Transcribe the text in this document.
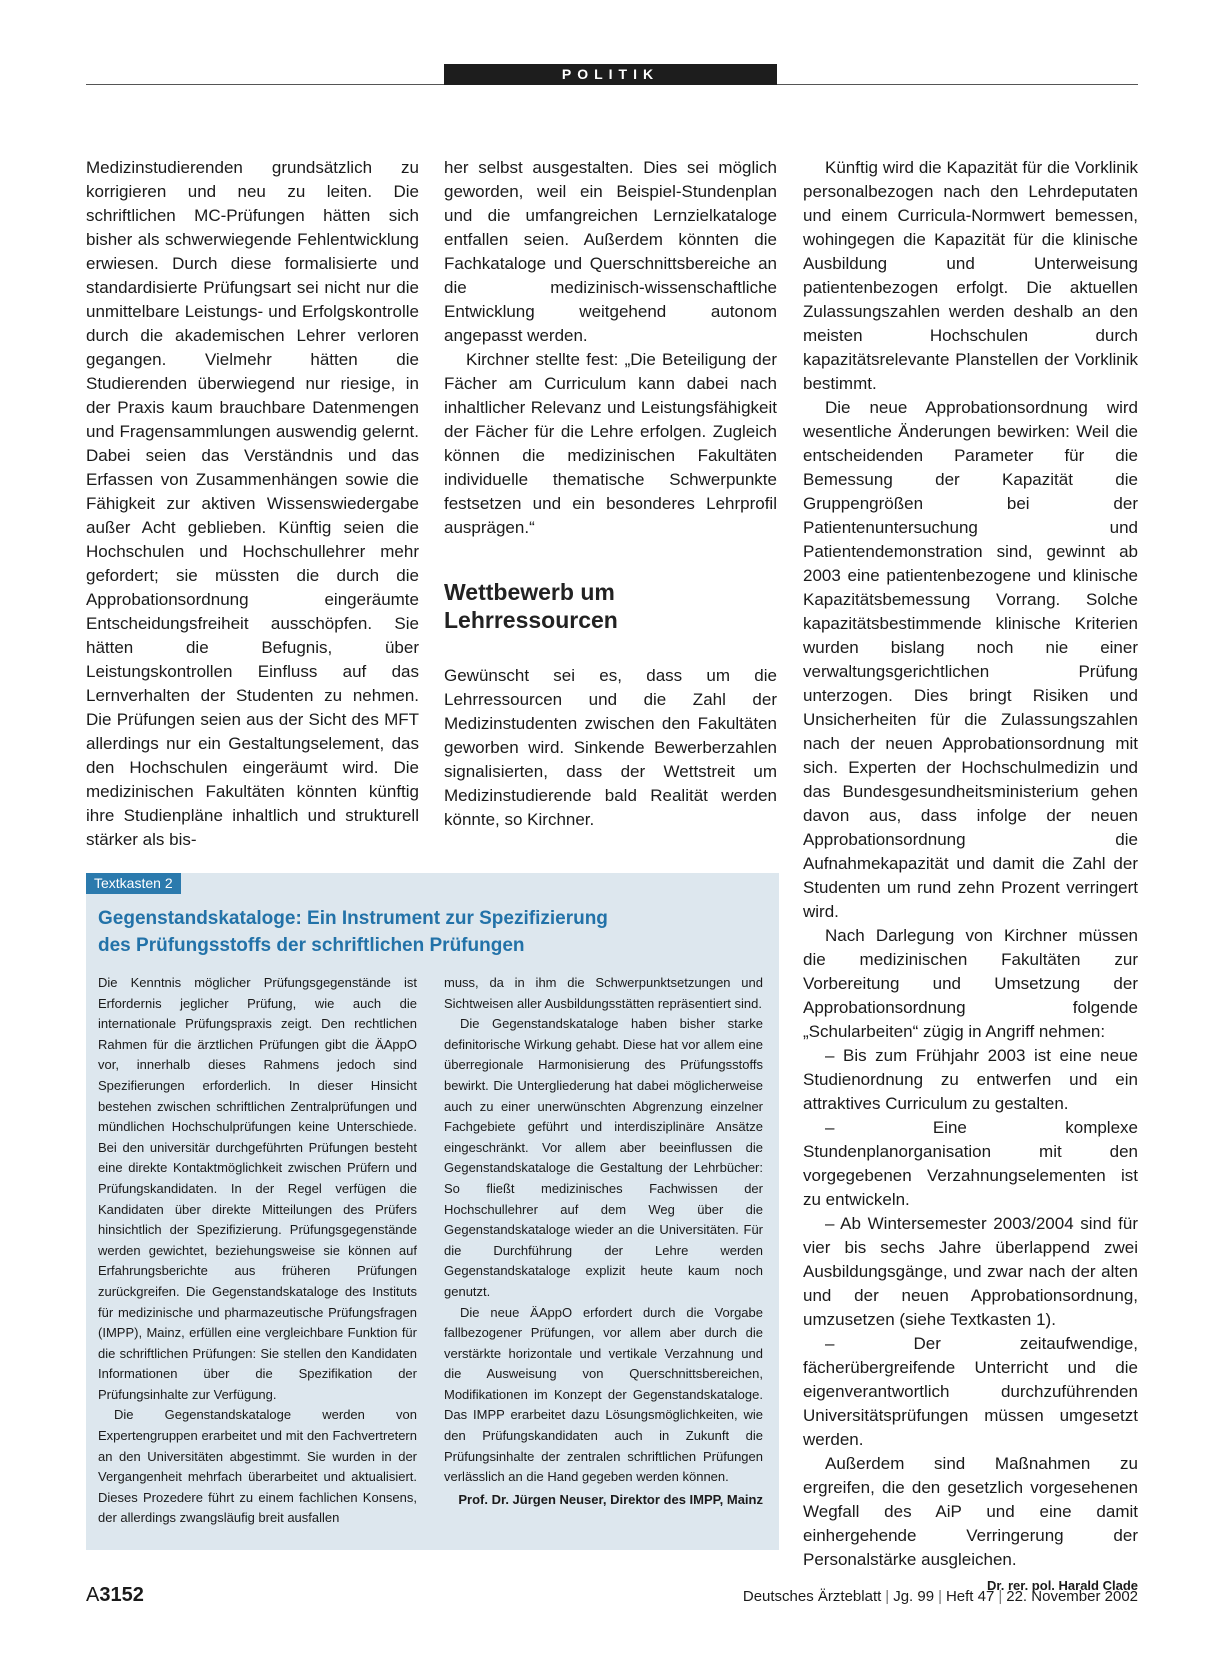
POLITIK

Medizinstudierenden grundsätzlich zu korrigieren und neu zu leiten. Die schriftlichen MC-Prüfungen hätten sich bisher als schwerwiegende Fehlentwicklung erwiesen. Durch diese formalisierte und standardisierte Prüfungsart sei nicht nur die unmittelbare Leistungs- und Erfolgskontrolle durch die akademischen Lehrer verloren gegangen. Vielmehr hätten die Studierenden überwiegend nur riesige, in der Praxis kaum brauchbare Datenmengen und Fragensammlungen auswendig gelernt. Dabei seien das Verständnis und das Erfassen von Zusammenhängen sowie die Fähigkeit zur aktiven Wissenswiedergabe außer Acht geblieben. Künftig seien die Hochschulen und Hochschullehrer mehr gefordert; sie müssten die durch die Approbationsordnung eingeräumte Entscheidungsfreiheit ausschöpfen. Sie hätten die Befugnis, über Leistungskontrollen Einfluss auf das Lernverhalten der Studenten zu nehmen. Die Prüfungen seien aus der Sicht des MFT allerdings nur ein Gestaltungselement, das den Hochschulen eingeräumt wird. Die medizinischen Fakultäten könnten künftig ihre Studienpläne inhaltlich und strukturell stärker als bis-

her selbst ausgestalten. Dies sei möglich geworden, weil ein Beispiel-Stundenplan und die umfangreichen Lernzielkataloge entfallen seien. Außerdem könnten die Fachkataloge und Querschnittsbereiche an die medizinisch-wissenschaftliche Entwicklung weitgehend autonom angepasst werden.

Kirchner stellte fest: „Die Beteiligung der Fächer am Curriculum kann dabei nach inhaltlicher Relevanz und Leistungsfähigkeit der Fächer für die Lehre erfolgen. Zugleich können die medizinischen Fakultäten individuelle thematische Schwerpunkte festsetzen und ein besonderes Lehrprofil ausprägen.“

Wettbewerb um Lehrressourcen

Gewünscht sei es, dass um die Lehrressourcen und die Zahl der Medizinstudenten zwischen den Fakultäten geworben wird. Sinkende Bewerberzahlen signalisierten, dass der Wettstreit um Medizinstudierende bald Realität werden könnte, so Kirchner.

Künftig wird die Kapazität für die Vorklinik personalbezogen nach den Lehrdeputaten und einem Curricula-Normwert bemessen, wohingegen die Kapazität für die klinische Ausbildung und Unterweisung patientenbezogen erfolgt. Die aktuellen Zulassungszahlen werden deshalb an den meisten Hochschulen durch kapazitätsrelevante Planstellen der Vorklinik bestimmt.

Die neue Approbationsordnung wird wesentliche Änderungen bewirken: Weil die entscheidenden Parameter für die Bemessung der Kapazität die Gruppengrößen bei der Patientenuntersuchung und Patientendemonstration sind, gewinnt ab 2003 eine patientenbezogene und klinische Kapazitätsbemessung Vorrang. Solche kapazitätsbestimmende klinische Kriterien wurden bislang noch nie einer verwaltungsgerichtlichen Prüfung unterzogen. Dies bringt Risiken und Unsicherheiten für die Zulassungszahlen nach der neuen Approbationsordnung mit sich. Experten der Hochschulmedizin und das Bundesgesundheitsministerium gehen davon aus, dass infolge der neuen Approbationsordnung die Aufnahmekapazität und damit die Zahl der Studenten um rund zehn Prozent verringert wird.

Nach Darlegung von Kirchner müssen die medizinischen Fakultäten zur Vorbereitung und Umsetzung der Approbationsordnung folgende „Schularbeiten“ zügig in Angriff nehmen:

– Bis zum Frühjahr 2003 ist eine neue Studienordnung zu entwerfen und ein attraktives Curriculum zu gestalten.

– Eine komplexe Stundenplanorganisation mit den vorgegebenen Verzahnungselementen ist zu entwickeln.

– Ab Wintersemester 2003/2004 sind für vier bis sechs Jahre überlappend zwei Ausbildungsgänge, und zwar nach der alten und der neuen Approbationsordnung, umzusetzen (siehe Textkasten 1).

– Der zeitaufwendige, fächerübergreifende Unterricht und die eigenverantwortlich durchzuführenden Universitätsprüfungen müssen umgesetzt werden.

Außerdem sind Maßnahmen zu ergreifen, die den gesetzlich vorgesehenen Wegfall des AiP und eine damit einhergehende Verringerung der Personalstärke ausgleichen.
Dr. rer. pol. Harald Clade

Textkasten 2
Gegenstandskataloge: Ein Instrument zur Spezifizierung
des Prüfungsstoffs der schriftlichen Prüfungen

Die Kenntnis möglicher Prüfungsgegenstände ist Erfordernis jeglicher Prüfung, wie auch die internationale Prüfungspraxis zeigt. Den rechtlichen Rahmen für die ärztlichen Prüfungen gibt die ÄAppO vor, innerhalb dieses Rahmens jedoch sind Spezifierungen erforderlich. In dieser Hinsicht bestehen zwischen schriftlichen Zentralprüfungen und mündlichen Hochschulprüfungen keine Unterschiede. Bei den universitär durchgeführten Prüfungen besteht eine direkte Kontaktmöglichkeit zwischen Prüfern und Prüfungskandidaten. In der Regel verfügen die Kandidaten über direkte Mitteilungen des Prüfers hinsichtlich der Spezifizierung. Prüfungsgegenstände werden gewichtet, beziehungsweise sie können auf Erfahrungsberichte aus früheren Prüfungen zurückgreifen. Die Gegenstandskataloge des Instituts für medizinische und pharmazeutische Prüfungsfragen (IMPP), Mainz, erfüllen eine vergleichbare Funktion für die schriftlichen Prüfungen: Sie stellen den Kandidaten Informationen über die Spezifikation der Prüfungsinhalte zur Verfügung.

Die Gegenstandskataloge werden von Expertengruppen erarbeitet und mit den Fachvertretern an den Universitäten abgestimmt. Sie wurden in der Vergangenheit mehrfach überarbeitet und aktualisiert. Dieses Prozedere führt zu einem fachlichen Konsens, der allerdings zwangsläufig breit ausfallen

muss, da in ihm die Schwerpunktsetzungen und Sichtweisen aller Ausbildungsstätten repräsentiert sind.

Die Gegenstandskataloge haben bisher starke definitorische Wirkung gehabt. Diese hat vor allem eine überregionale Harmonisierung des Prüfungsstoffs bewirkt. Die Untergliederung hat dabei möglicherweise auch zu einer unerwünschten Abgrenzung einzelner Fachgebiete geführt und interdisziplinäre Ansätze eingeschränkt. Vor allem aber beeinflussen die Gegenstandskataloge die Gestaltung der Lehrbücher: So fließt medizinisches Fachwissen der Hochschullehrer auf dem Weg über die Gegenstandskataloge wieder an die Universitäten. Für die Durchführung der Lehre werden Gegenstandskataloge explizit heute kaum noch genutzt.

Die neue ÄAppO erfordert durch die Vorgabe fallbezogener Prüfungen, vor allem aber durch die verstärkte horizontale und vertikale Verzahnung und die Ausweisung von Querschnittsbereichen, Modifikationen im Konzept der Gegenstandskataloge. Das IMPP erarbeitet dazu Lösungsmöglichkeiten, wie den Prüfungskandidaten auch in Zukunft die Prüfungsinhalte der zentralen schriftlichen Prüfungen verlässlich an die Hand gegeben werden können.

Prof. Dr. Jürgen Neuser, Direktor des IMPP, Mainz

A3152	Deutsches Ärzteblatt | Jg. 99 | Heft 47 | 22. November 2002
